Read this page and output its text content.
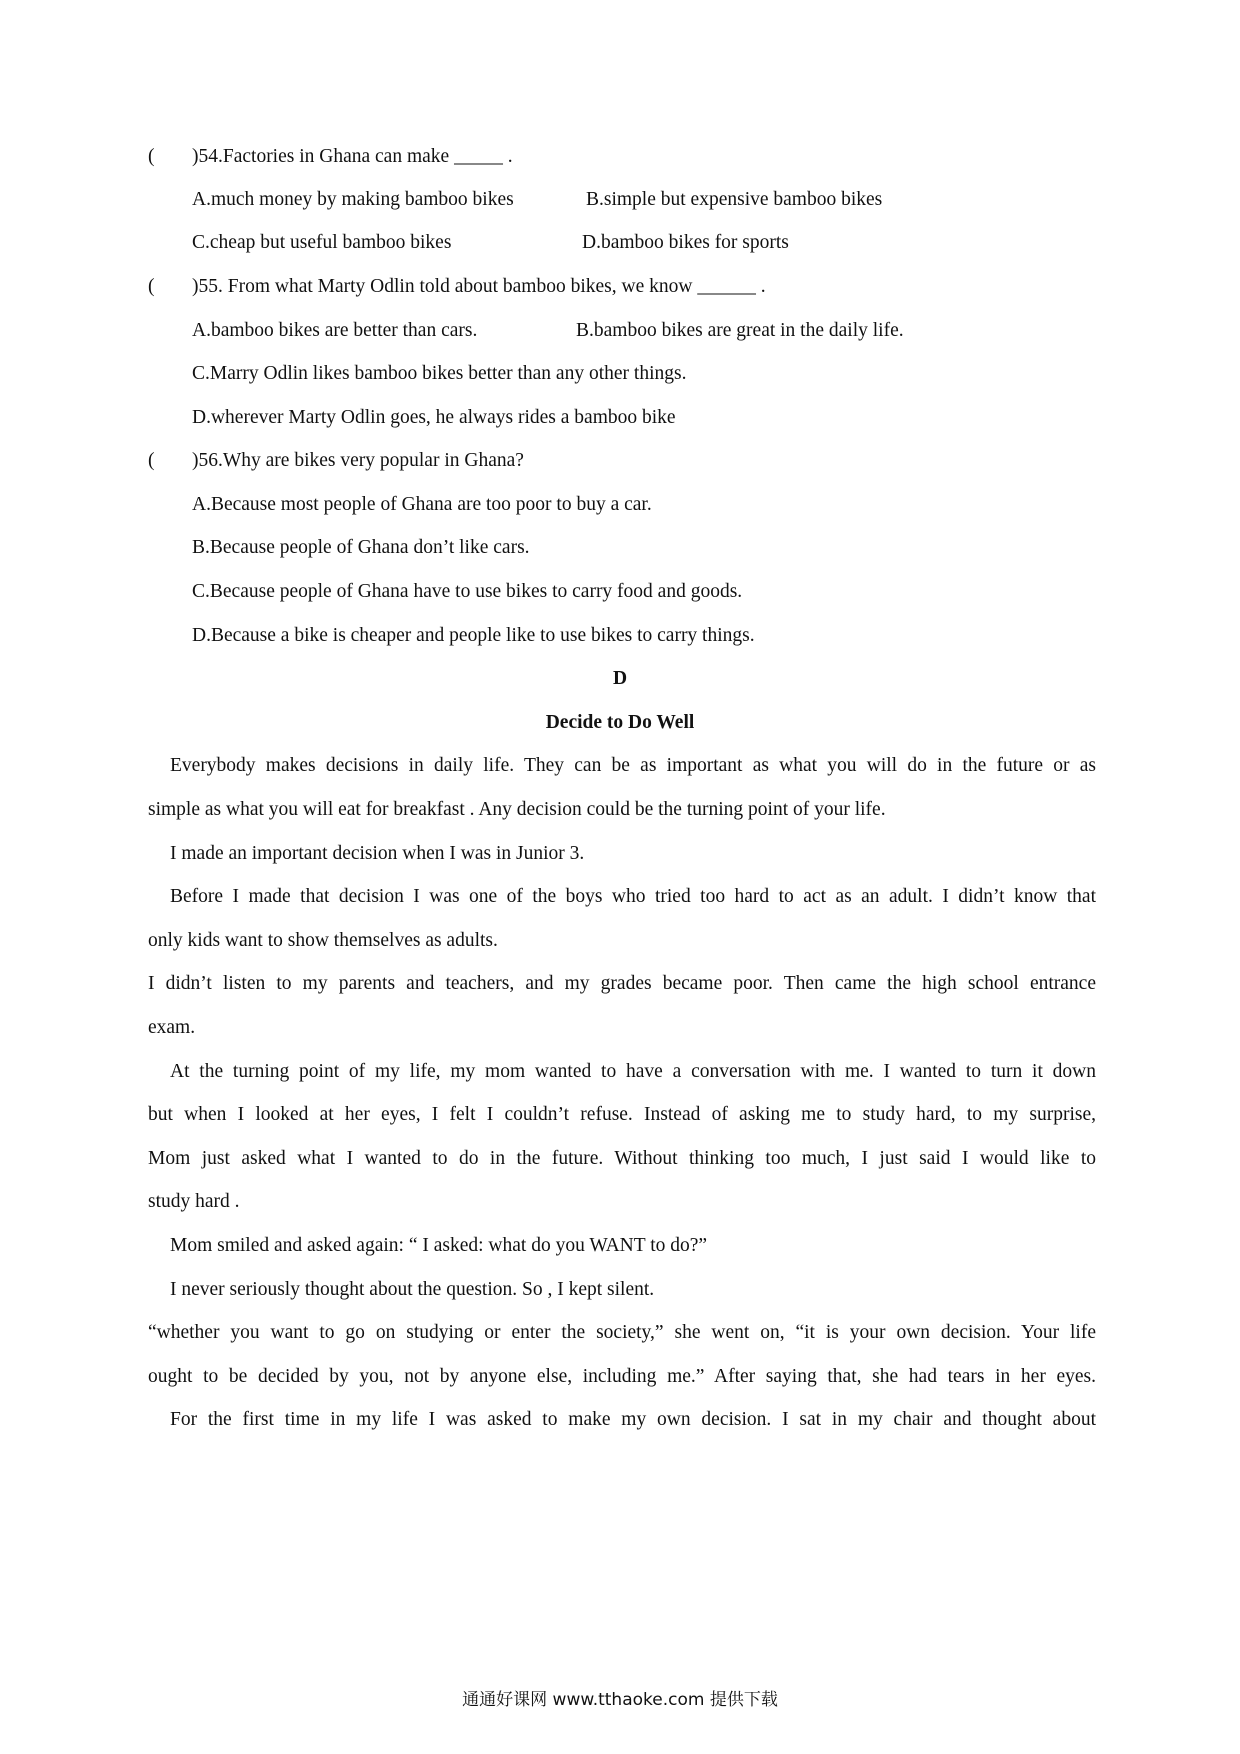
( )54.Factories in Ghana can make _____ .
A.much money by making bamboo bikes	B.simple but expensive bamboo bikes
C.cheap but useful bamboo bikes	D.bamboo bikes for sports
( )55. From what Marty Odlin told about bamboo bikes, we know ______ .
A.bamboo bikes are better than cars.	B.bamboo bikes are great in the daily life.
C.Marry Odlin likes bamboo bikes better than any other things.
D.wherever Marty Odlin goes, he always rides a bamboo bike
( )56.Why are bikes very popular in Ghana?
A.Because most people of Ghana are too poor to buy a car.
B.Because people of Ghana don’t like cars.
C.Because people of Ghana have to use bikes to carry food and goods.
D.Because a bike is cheaper and people like to use bikes to carry things.
D
Decide to Do Well
Everybody makes decisions in daily life. They can be as important as what you will do in the future or as
simple as what you will eat for breakfast . Any decision could be the turning point of your life.
I made an important decision when I was in Junior 3.
Before I made that decision I was one of the boys who tried too hard to act as an adult. I didn’t know that
only kids want to show themselves as adults.
I didn’t listen to my parents and teachers, and my grades became poor. Then came the high school entrance
exam.
At the turning point of my life, my mom wanted to have a conversation with me. I wanted to turn it down
but when I looked at her eyes, I felt I couldn’t refuse. Instead of asking me to study hard, to my surprise,
Mom just asked what I wanted to do in the future. Without thinking too much, I just said I would like to
study hard .
Mom smiled and asked again: “ I asked: what do you WANT to do?”
I never seriously thought about the question. So , I kept silent.
“whether you want to go on studying or enter the society,” she went on, “it is your own decision. Your life
ought to be decided by you, not by anyone else, including me.” After saying that, she had tears in her eyes.
For the first time in my life I was asked to make my own decision. I sat in my chair and thought about
通通好课网 www.tthaoke.com 提供下载
